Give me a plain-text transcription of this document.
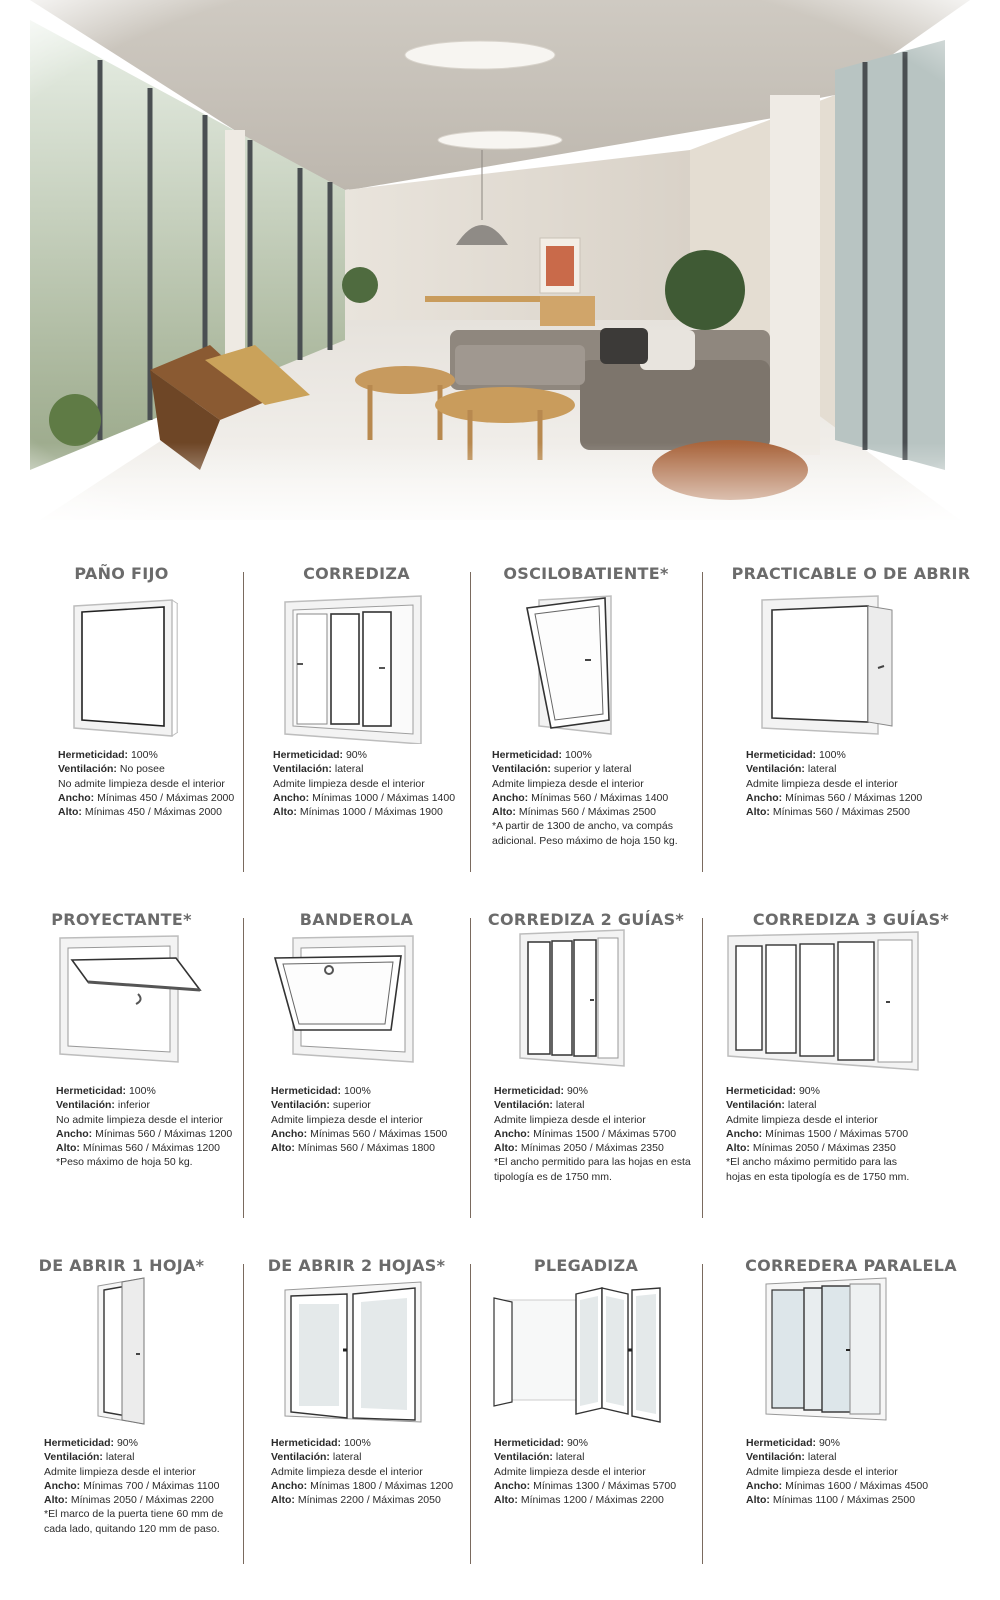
PAÑO FIJO
Hermeticidad: 100%
Ventilación: No posee
No admite limpieza desde el interior
Ancho: Mínimas 450 / Máximas 2000
Alto: Mínimas 450 / Máximas 2000
CORREDIZA
Hermeticidad: 90%
Ventilación: lateral
Admite limpieza desde el interior
Ancho: Mínimas 1000 / Máximas 1400
Alto: Mínimas 1000 / Máximas 1900
OSCILOBATIENTE*
Hermeticidad: 100%
Ventilación: superior y lateral
Admite limpieza desde el interior
Ancho: Mínimas 560 / Máximas 1400
Alto: Mínimas 560 / Máximas 2500
*A partir de 1300 de ancho, va compás adicional. Peso máximo de hoja 150 kg.
PRACTICABLE O DE ABRIR
Hermeticidad: 100%
Ventilación: lateral
Admite limpieza desde el interior
Ancho: Mínimas 560 / Máximas 1200
Alto: Mínimas 560 / Máximas 2500
PROYECTANTE*
Hermeticidad: 100%
Ventilación: inferior
No admite limpieza desde el interior
Ancho: Mínimas 560 / Máximas 1200
Alto: Mínimas 560 / Máximas 1200
*Peso máximo de hoja 50 kg.
BANDEROLA
Hermeticidad: 100%
Ventilación: superior
Admite limpieza desde el interior
Ancho: Mínimas 560 / Máximas 1500
Alto: Mínimas 560 / Máximas 1800
CORREDIZA 2 GUÍAS*
Hermeticidad: 90%
Ventilación: lateral
Admite limpieza desde el interior
Ancho: Mínimas 1500 / Máximas 5700
Alto: Mínimas 2050 / Máximas 2350
*El ancho permitido para las hojas en esta tipología es de 1750 mm.
CORREDIZA 3 GUÍAS*
Hermeticidad: 90%
Ventilación: lateral
Admite limpieza desde el interior
Ancho: Mínimas 1500 / Máximas 5700
Alto: Mínimas 2050 / Máximas 2350
*El ancho máximo permitido para las hojas en esta tipología es de 1750 mm.
DE ABRIR 1 HOJA*
Hermeticidad: 90%
Ventilación: lateral
Admite limpieza desde el interior
Ancho: Mínimas 700 / Máximas 1100
Alto: Mínimas 2050 / Máximas 2200
*El marco de la puerta tiene 60 mm de cada lado, quitando 120 mm de paso.
DE ABRIR 2 HOJAS*
Hermeticidad: 100%
Ventilación: lateral
Admite limpieza desde el interior
Ancho: Mínimas 1800 / Máximas 1200
Alto: Mínimas 2200 / Máximas 2050
PLEGADIZA
Hermeticidad: 90%
Ventilación: lateral
Admite limpieza desde el interior
Ancho: Mínimas 1300 / Máximas 5700
Alto: Mínimas 1200 / Máximas 2200
CORREDERA PARALELA
Hermeticidad: 90%
Ventilación: lateral
Admite limpieza desde el interior
Ancho: Mínimas 1600 / Máximas 4500
Alto: Mínimas 1100 / Máximas 2500
